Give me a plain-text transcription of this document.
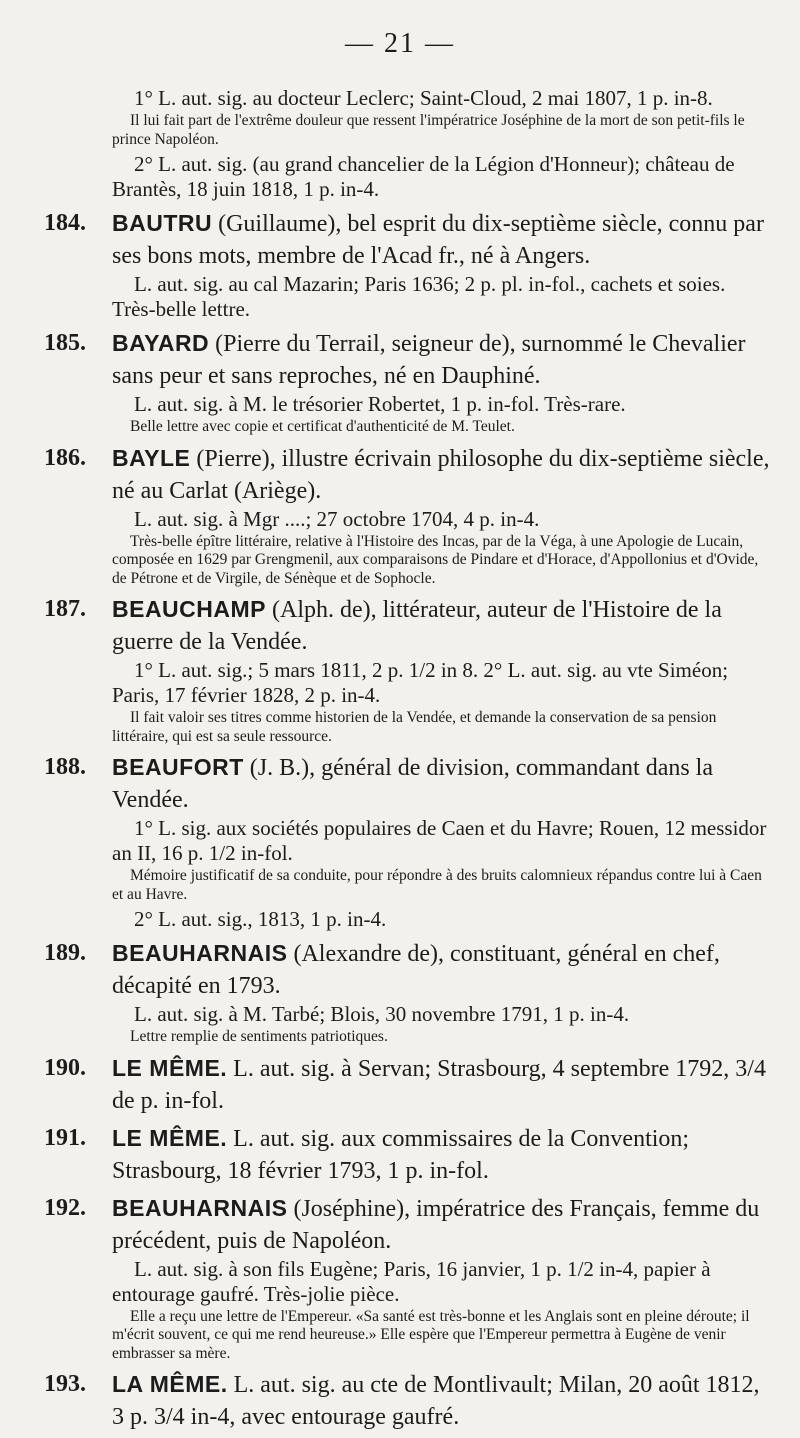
— 21 —
1° L. aut. sig. au docteur Leclerc; Saint-Cloud, 2 mai 1807, 1 p. in-8.
Il lui fait part de l'extrême douleur que ressent l'impératrice Joséphine de la mort de son petit-fils le prince Napoléon.
2° L. aut. sig. (au grand chancelier de la Légion d'Honneur); château de Brantès, 18 juin 1818, 1 p. in-4.
184. BAUTRU (Guillaume), bel esprit du dix-septième siècle, connu par ses bons mots, membre de l'Acad fr., né à Angers.
L. aut. sig. au cal Mazarin; Paris 1636; 2 p. pl. in-fol., cachets et soies. Très-belle lettre.
185. BAYARD (Pierre du Terrail, seigneur de), surnommé le Chevalier sans peur et sans reproches, né en Dauphiné.
L. aut. sig. à M. le trésorier Robertet, 1 p. in-fol. Très-rare.
Belle lettre avec copie et certificat d'authenticité de M. Teulet.
186. BAYLE (Pierre), illustre écrivain philosophe du dix-septième siècle, né au Carlat (Ariège).
L. aut. sig. à Mgr ....; 27 octobre 1704, 4 p. in-4.
Très-belle épître littéraire, relative à l'Histoire des Incas, par de la Véga, à une Apologie de Lucain, composée en 1629 par Grengmenil, aux comparaisons de Pindare et d'Horace, d'Appollonius et d'Ovide, de Pétrone et de Virgile, de Sénèque et de Sophocle.
187. BEAUCHAMP (Alph. de), littérateur, auteur de l'Histoire de la guerre de la Vendée.
1° L. aut. sig.; 5 mars 1811, 2 p. 1/2 in 8. 2° L. aut. sig. au vte Siméon; Paris, 17 février 1828, 2 p. in-4.
Il fait valoir ses titres comme historien de la Vendée, et demande la conservation de sa pension littéraire, qui est sa seule ressource.
188. BEAUFORT (J. B.), général de division, commandant dans la Vendée.
1° L. sig. aux sociétés populaires de Caen et du Havre; Rouen, 12 messidor an II, 16 p. 1/2 in-fol.
Mémoire justificatif de sa conduite, pour répondre à des bruits calomnieux répandus contre lui à Caen et au Havre.
2° L. aut. sig., 1813, 1 p. in-4.
189. BEAUHARNAIS (Alexandre de), constituant, général en chef, décapité en 1793.
L. aut. sig. à M. Tarbé; Blois, 30 novembre 1791, 1 p. in-4.
Lettre remplie de sentiments patriotiques.
190. LE MÊME. L. aut. sig. à Servan; Strasbourg, 4 septembre 1792, 3/4 de p. in-fol.
191. LE MÊME. L. aut. sig. aux commissaires de la Convention; Strasbourg, 18 février 1793, 1 p. in-fol.
192. BEAUHARNAIS (Joséphine), impératrice des Français, femme du précédent, puis de Napoléon.
L. aut. sig. à son fils Eugène; Paris, 16 janvier, 1 p. 1/2 in-4, papier à entourage gaufré. Très-jolie pièce.
Elle a reçu une lettre de l'Empereur. «Sa santé est très-bonne et les Anglais sont en pleine déroute; il m'écrit souvent, ce qui me rend heureuse.» Elle espère que l'Empereur permettra à Eugène de venir embrasser sa mère.
193. LA MÊME. L. aut. sig. au cte de Montlivault; Milan, 20 août 1812, 3 p. 3/4 in-4, avec entourage gaufré.
